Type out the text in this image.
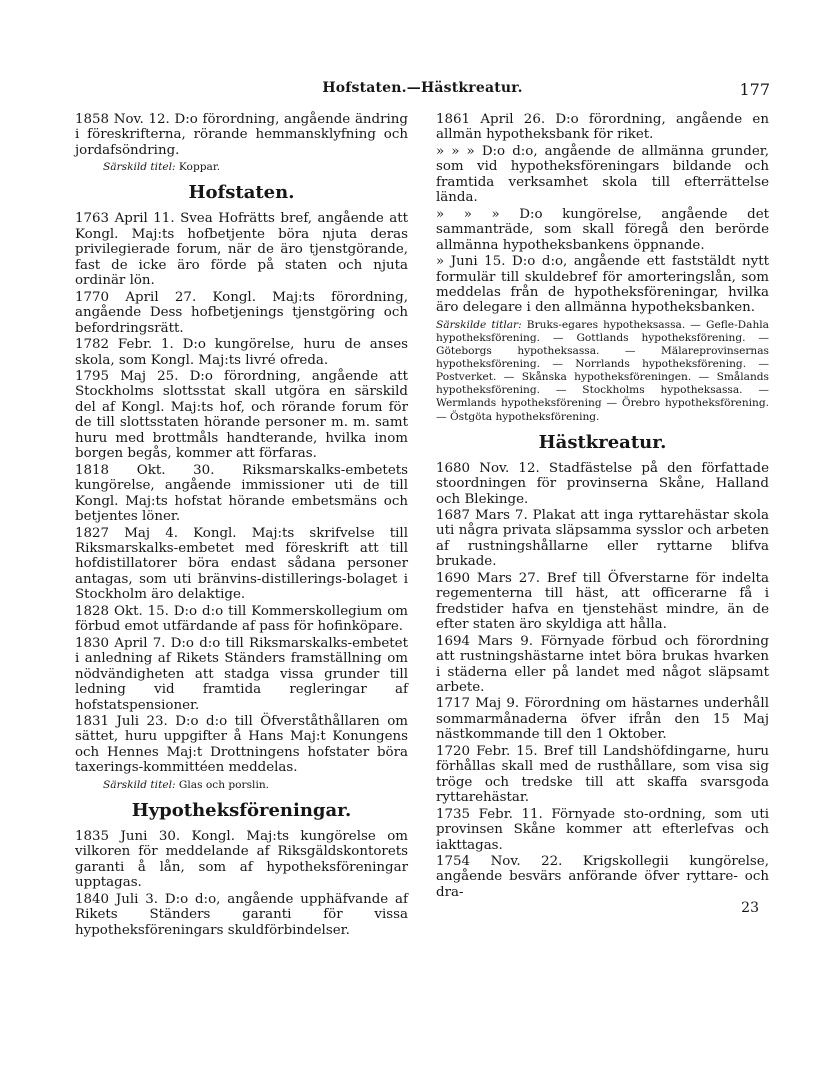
Hofstaten.—Hästkreatur.	177

1858 Nov. 12. D:o förordning, angående ändring i föreskrifterna, rörande hemmansklyfning och jordafsöndring.

Särskild titel: Koppar.

Hofstaten.

1763 April 11. Svea Hofrätts bref, angående att Kongl. Maj:ts hofbetjente böra njuta deras privilegierade forum, när de äro tjenstgörande, fast de icke äro förde på staten och njuta ordinär lön.

1770 April 27. Kongl. Maj:ts förordning, angående Dess hofbetjenings tjenstgöring och befordringsrätt.

1782 Febr. 1. D:o kungörelse, huru de anses skola, som Kongl. Maj:ts livré ofreda.

1795 Maj 25. D:o förordning, angående att Stockholms slottsstat skall utgöra en särskild del af Kongl. Maj:ts hof, och rörande forum för de till slottsstaten hörande personer m. m. samt huru med brottmåls handterande, hvilka inom borgen begås, kommer att förfaras.

1818 Okt. 30. Riksmarskalks-embetets kungörelse, angående immissioner uti de till Kongl. Maj:ts hofstat hörande embetsmäns och betjentes löner.

1827 Maj 4. Kongl. Maj:ts skrifvelse till Riksmarskalks-embetet med föreskrift att till hofdistillatorer böra endast sådana personer antagas, som uti bränvins-distillerings-bolaget i Stockholm äro delaktige.

1828 Okt. 15. D:o d:o till Kommerskollegium om förbud emot utfärdande af pass för hofinköpare.

1830 April 7. D:o d:o till Riksmarskalks-embetet i anledning af Rikets Ständers framställning om nödvändigheten att stadga vissa grunder till ledning vid framtida regleringar af hofstatspensioner.

1831 Juli 23. D:o d:o till Öfverståthållaren om sättet, huru uppgifter å Hans Maj:t Konungens och Hennes Maj:t Drottningens hofstater böra taxerings-kommittéen meddelas.

Särskild titel: Glas och porslin.

Hypotheksföreningar.

1835 Juni 30. Kongl. Maj:ts kungörelse om vilkoren för meddelande af Riksgäldskontorets garanti å lån, som af hypotheksföreningar upptagas.

1840 Juli 3. D:o d:o, angående upphäfvande af Rikets Ständers garanti för vissa hypotheksföreningars skuldförbindelser.

1861 April 26. D:o förordning, angående en allmän hypotheksbank för riket.

» » » D:o d:o, angående de allmänna grunder, som vid hypotheksföreningars bildande och framtida verksamhet skola till efterrättelse lända.

» » » D:o kungörelse, angående det sammanträde, som skall föregå den berörde allmänna hypotheksbankens öppnande.

» Juni 15. D:o d:o, angående ett faststäldt nytt formulär till skuldebref för amorteringslån, som meddelas från de hypotheksföreningar, hvilka äro delegare i den allmänna hypotheksbanken.

Särskilde titlar: Bruks-egares hypotheksassa. — Gefle-Dahla hypotheksförening. — Gottlands hypotheksförening. — Göteborgs hypotheksassa. — Mälareprovinsernas hypotheksförening. — Norrlands hypotheksförening. — Postverket. — Skånska hypotheksföreningen. — Smålands hypotheksförening. — Stockholms hypotheksassa. — Wermlands hypotheksförening — Örebro hypotheksförening. — Östgöta hypotheksförening.

Hästkreatur.

1680 Nov. 12. Stadfästelse på den författade stoordningen för provinserna Skåne, Halland och Blekinge.

1687 Mars 7. Plakat att inga ryttarehästar skola uti några privata släpsamma sysslor och arbeten af rustningshållarne eller ryttarne blifva brukade.

1690 Mars 27. Bref till Öfverstarne för indelta regementerna till häst, att officerarne få i fredstider hafva en tjenstehäst mindre, än de efter staten äro skyldiga att hålla.

1694 Mars 9. Förnyade förbud och förordning att rustningshästarne intet böra brukas hvarken i städerna eller på landet med något släpsamt arbete.

1717 Maj 9. Förordning om hästarnes underhåll sommarmånaderna öfver ifrån den 15 Maj nästkommande till den 1 Oktober.

1720 Febr. 15. Bref till Landshöfdingarne, huru förhållas skall med de rusthållare, som visa sig tröge och tredske till att skaffa svarsgoda ryttarehästar.

1735 Febr. 11. Förnyade sto-ordning, som uti provinsen Skåne kommer att efterlefvas och iakttagas.

1754 Nov. 22. Krigskollegii kungörelse, angående besvärs anförande öfver ryttare- och dra-

23
